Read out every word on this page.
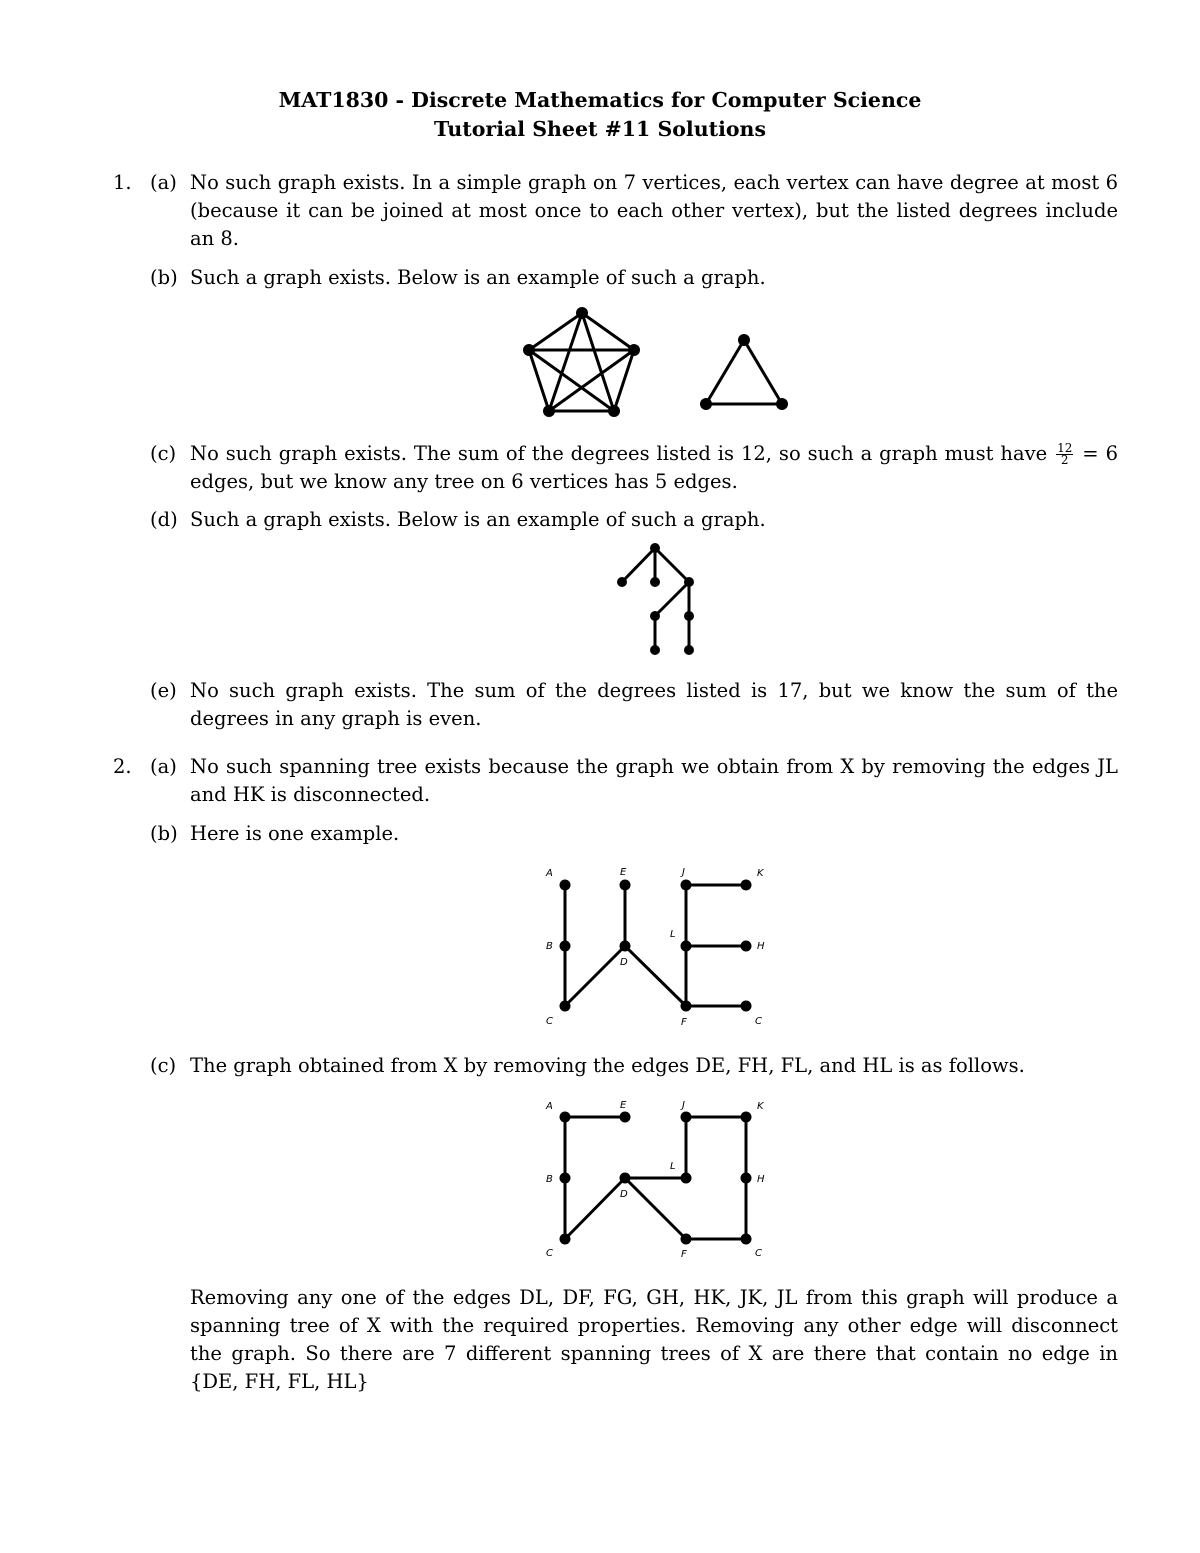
MAT1830 - Discrete Mathematics for Computer Science
Tutorial Sheet #11 Solutions
1. (a) No such graph exists. In a simple graph on 7 vertices, each vertex can have degree at most 6 (because it can be joined at most once to each other vertex), but the listed degrees include an 8.
(b) Such a graph exists. Below is an example of such a graph.
(c) No such graph exists. The sum of the degrees listed is 12, so such a graph must have $\frac{12}{2} = 6$ edges, but we know any tree on 6 vertices has 5 edges.
(d) Such a graph exists. Below is an example of such a graph.
(e) No such graph exists. The sum of the degrees listed is 17, but we know the sum of the degrees in any graph is even.
2. (a) No such spanning tree exists because the graph we obtain from X by removing the edges JL and HK is disconnected.
(b) Here is one example.
A	E	J	K
B
D
L
H
C	F	C
(c) The graph obtained from X by removing the edges DE, FH, FL, and HL is as follows.
A	E	J	K
B
D
L
H
C	F	C
Removing any one of the edges DL, DF, FG, GH, HK, JK, JL from this graph will produce a spanning tree of X with the required properties. Removing any other edge will disconnect the graph. So there are 7 different spanning trees of X are there that contain no edge in {DE, FH, FL, HL}
